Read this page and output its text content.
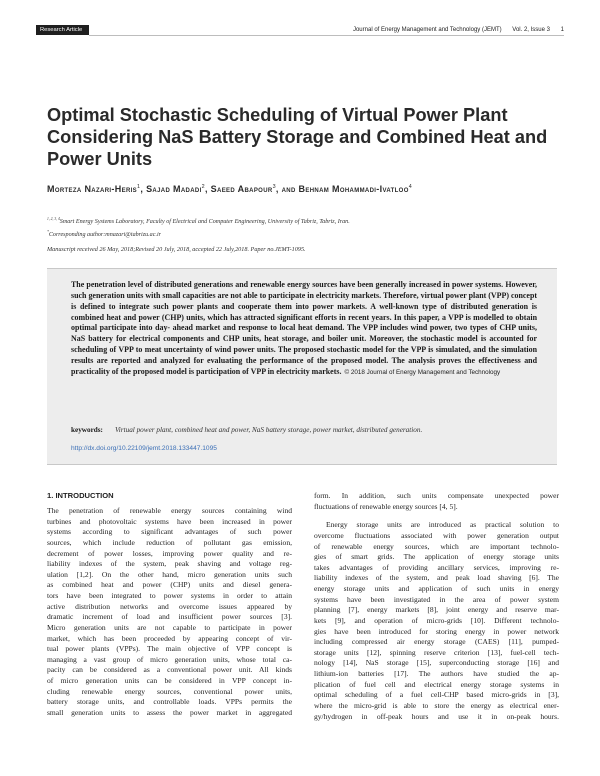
Research Article	Journal of Energy Management and Technology (JEMT) Vol. 2, Issue 3 1
Optimal Stochastic Scheduling of Virtual Power Plant Considering NaS Battery Storage and Combined Heat and Power Units

Morteza Nazari-Heris$^1$, Sajad Madadi$^2$, Saeed Abapour$^3$, and Behnam Mohammadi-Ivatloo$^4$

$^{1, 2, 3, 4}$Smart Energy Systems Laboratory, Faculty of Electrical and Computer Engineering, University of Tabriz, Tabriz, Iran.
*Corresponding author:mnazari@tabrizu.ac.ir
Manuscript received 26 May, 2018;Revised 20 July, 2018, accepted 22 July,2018. Paper no.JEMT-1095.

The penetration level of distributed generations and renewable energy sources have been generally increased in power systems. However, such generation units with small capacities are not able to participate in electricity markets. Therefore, virtual power plant (VPP) concept is defined to integrate such power plants and cooperate them into power markets. A well-known type of distributed generation is combined heat and power (CHP) units, which has attracted significant efforts in recent years. In this paper, a VPP is modelled to obtain optimal participate into day- ahead market and response to local heat demand. The VPP includes wind power, two types of CHP units, NaS battery for electrical components and CHP units, heat storage, and boiler unit. Moreover, the stochastic model is accounted for scheduling of VPP to meat uncertainty of wind power units. The proposed stochastic model for the VPP is simulated, and the simulation results are reported and analyzed for evaluating the performance of the proposed model. The analysis proves the effectiveness and practicality of the proposed model is participation of VPP in electricity markets. © 2018 Journal of Energy Management and Technology

keywords: Virtual power plant, combined heat and power, NaS battery storage, power market, distributed generation.
http://dx.doi.org/10.22109/jemt.2018.133447.1095
1. INTRODUCTION
The penetration of renewable energy sources containing wind
turbines and photovoltaic systems have been increased in power
systems according to significant advantages of such power
sources, which include reduction of pollutant gas emission,
decrement of power losses, improving power quality and re-
liability indexes of the system, peak shaving and voltage reg-
ulation [1,2]. On the other hand, micro generation units such
as combined heat and power (CHP) units and diesel genera-
tors have been integrated to power systems in order to attain
active distribution networks and overcome issues appeared by
dramatic increment of load and insufficient power sources [3].
Micro generation units are not capable to participate in power
market, which has been proceeded by appearing concept of vir-
tual power plants (VPPs). The main objective of VPP concept is
managing a vast group of micro generation units, whose total ca-
pacity can be considered as a conventional power unit. All kinds
of micro generation units can be considered in VPP concept in-
cluding renewable energy sources, conventional power units,
battery storage units, and controllable loads. VPPs permits the
small generation units to assess the power market in aggregated
form. In addition, such units compensate unexpected power
fluctuations of renewable energy sources [4, 5].
Energy storage units are introduced as practical solution to
overcome fluctuations associated with power generation output
of renewable energy sources, which are important technolo-
gies of smart grids. The application of energy storage units
takes advantages of providing ancillary services, improving re-
liability indexes of the system, and peak load shaving [6]. The
energy storage units and application of such units in energy
systems have been investigated in the area of power system
planning [7], energy markets [8], joint energy and reserve mar-
kets [9], and operation of micro-grids [10]. Different technolo-
gies have been introduced for storing energy in power network
including compressed air energy storage (CAES) [11], pumped-
storage units [12], spinning reserve criterion [13], fuel-cell tech-
nology [14], NaS storage [15], superconducting storage [16] and
lithium-ion batteries [17]. The authors have studied the ap-
plication of fuel cell and electrical energy storage systems in
optimal scheduling of a fuel cell-CHP based micro-grids in [3],
where the micro-grid is able to store the energy as electrical ener-
gy/hydrogen in off-peak hours and use it in on-peak hours.
